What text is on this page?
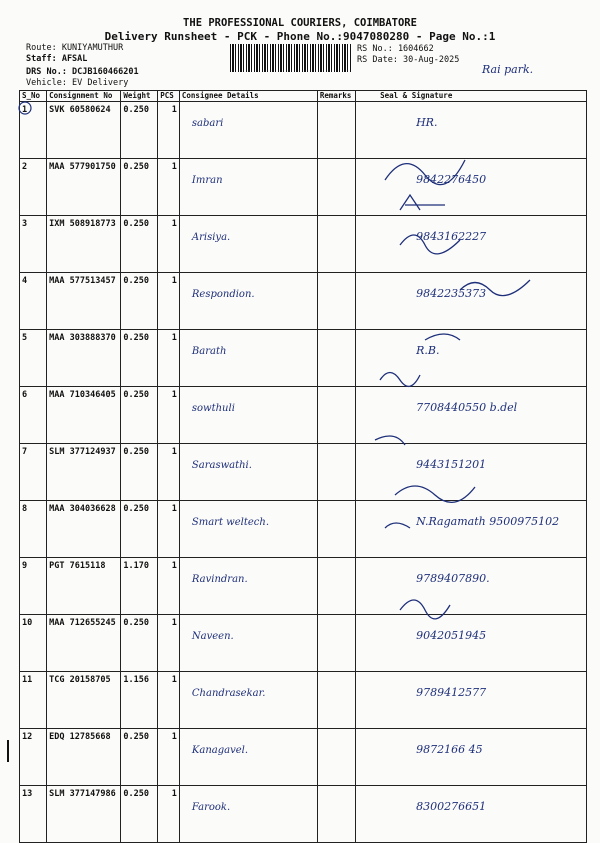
THE PROFESSIONAL COURIERS, COIMBATORE
Delivery Runsheet - PCK - Phone No.:9047080280 - Page No.:1
Route: KUNIYAMUTHUR
Staff: AFSAL
DRS No.: DCJB160466201
Vehicle: EV Delivery
RS No.: 1604662
RS Date: 30-Aug-2025
Rai park.
S_No	Consignment No	Weight	PCS	Consignee Details	Remarks	Seal & Signature
1	SVK 60580624	0.250	1	sabari		HR.
2	MAA 577901750	0.250	1	Imran		9842276450
3	IXM 508918773	0.250	1	Arisiya.		9843162227
4	MAA 577513457	0.250	1	Respondion.		9842235373
5	MAA 303888370	0.250	1	Barath		R.B.
6	MAA 710346405	0.250	1	sowthuli		7708440550 b.del
7	SLM 377124937	0.250	1	Saraswathi.		9443151201
8	MAA 304036628	0.250	1	Smart weltech.		N.Ragamath 9500975102
9	PGT 7615118	1.170	1	Ravindran.		9789407890.
10	MAA 712655245	0.250	1	Naveen.		9042051945
11	TCG 20158705	1.156	1	Chandrasekar.		9789412577
12	EDQ 12785668	0.250	1	Kanagavel.		9872166 45
13	SLM 377147986	0.250	1	Farook.		8300276651
